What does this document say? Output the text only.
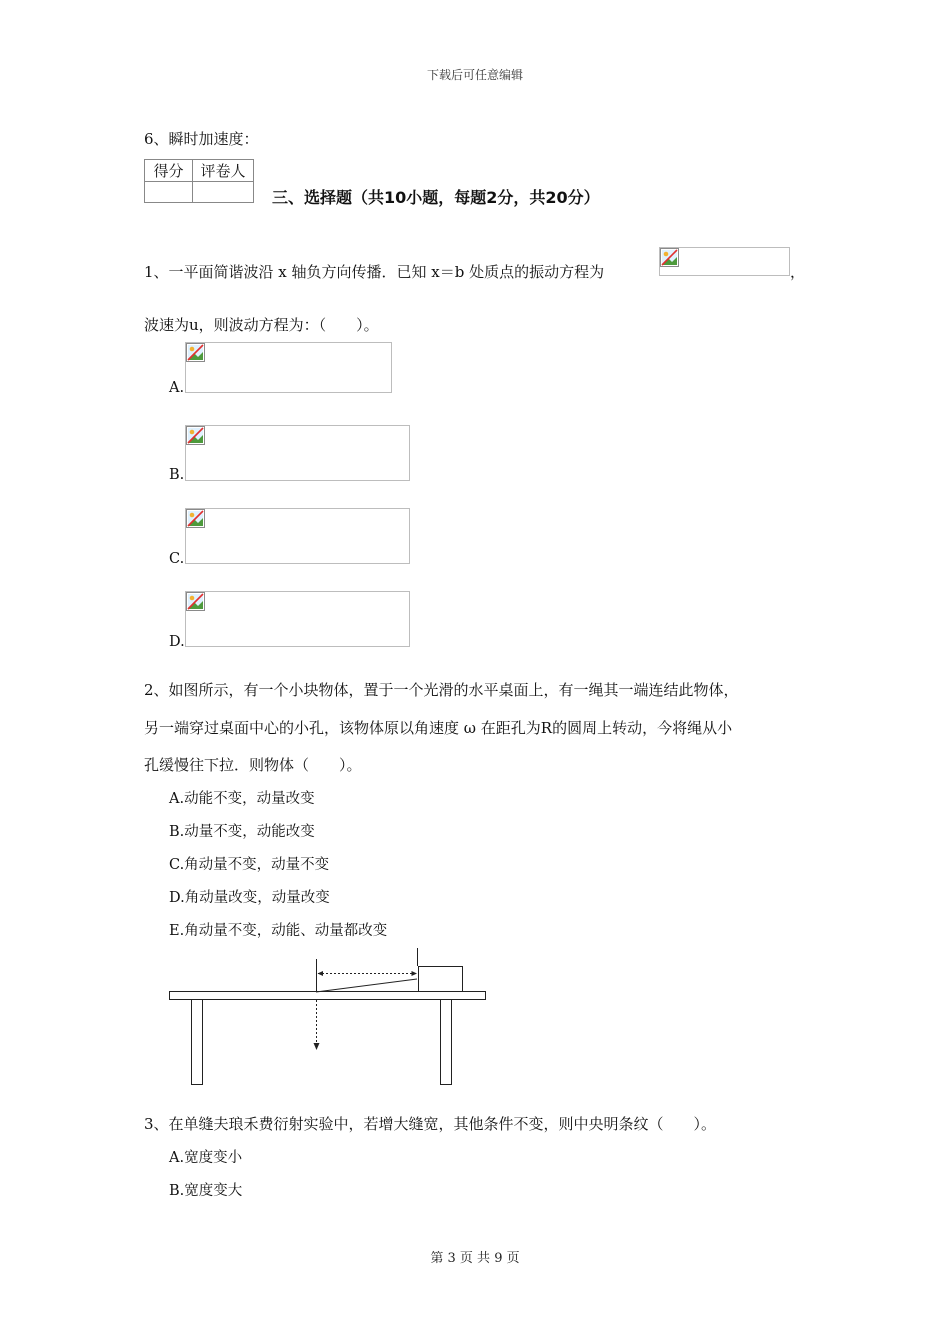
下载后可任意编辑
6、瞬时加速度：
得分	评卷人

三、选择题（共10小题，每题2分，共20分）
1、一平面简谐波沿 x 轴负方向传播．已知 x＝b 处质点的振动方程为	，
波速为u，则波动方程为：（　　）。
A.
B.
C.
D.
2、如图所示，有一个小块物体，置于一个光滑的水平桌面上，有一绳其一端连结此物体，
另一端穿过桌面中心的小孔，该物体原以角速度 ω 在距孔为R的圆周上转动，今将绳从小
孔缓慢往下拉．则物体（　　）。
A.动能不变，动量改变
B.动量不变，动能改变
C.角动量不变，动量不变
D.角动量改变，动量改变
E.角动量不变，动能、动量都改变
3、在单缝夫琅禾费衍射实验中，若增大缝宽，其他条件不变，则中央明条纹（　　）。
A.宽度变小
B.宽度变大
第 3 页 共 9 页
